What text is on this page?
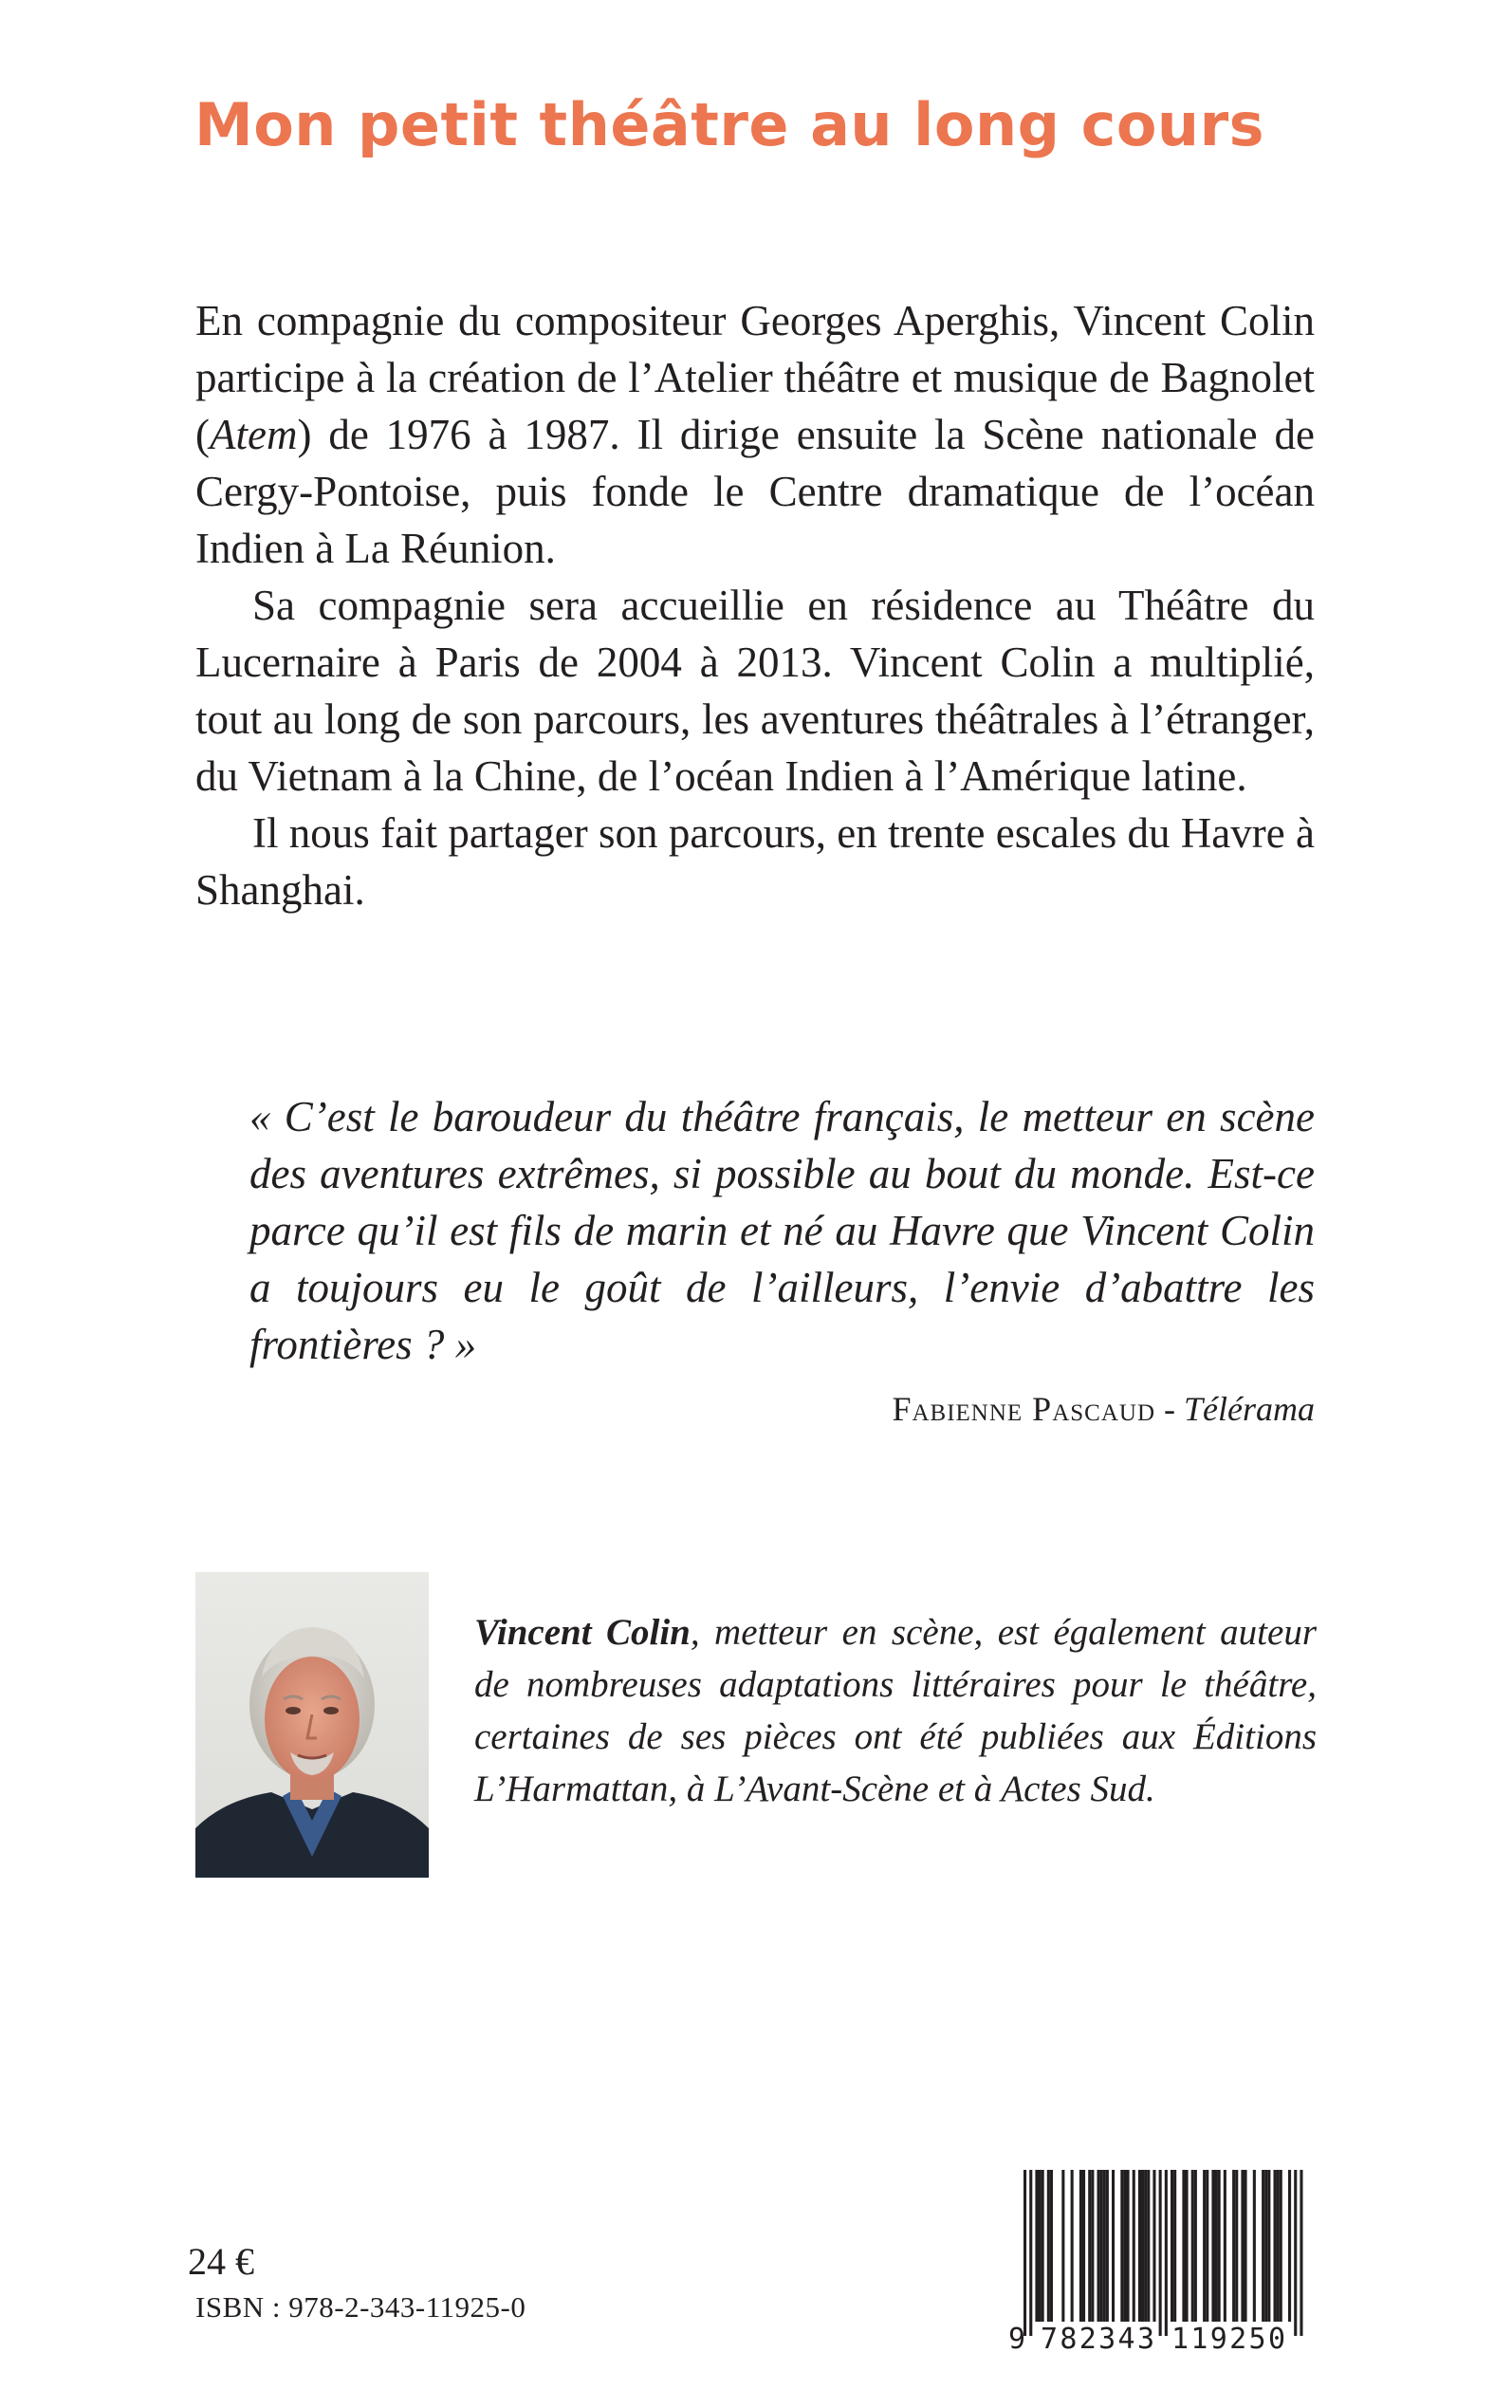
Mon petit théâtre au long cours

En compagnie du compositeur Georges Aperghis, Vincent Colin participe à la création de l’Atelier théâtre et musique de Bagnolet (Atem) de 1976 à 1987. Il dirige ensuite la Scène nationale de Cergy-Pontoise, puis fonde le Centre dramatique de l’océan Indien à La Réunion.

Sa compagnie sera accueillie en résidence au Théâtre du Lucernaire à Paris de 2004 à 2013. Vincent Colin a multiplié, tout au long de son parcours, les aventures théâtrales à l’étranger, du Vietnam à la Chine, de l’océan Indien à l’Amérique latine.

Il nous fait partager son parcours, en trente escales du Havre à Shanghai.

« C’est le baroudeur du théâtre français, le metteur en scène des aventures extrêmes, si possible au bout du monde. Est-ce parce qu’il est fils de marin et né au Havre que Vincent Colin a toujours eu le goût de l’ailleurs, l’envie d’abattre les frontières ? »

Fabienne Pascaud - Télérama
Vincent Colin, metteur en scène, est également auteur de nombreuses adaptations littéraires pour le théâtre, certaines de ses pièces ont été publiées aux Éditions L’Harmattan, à L’Avant-Scène et à Actes Sud.
24 €
ISBN : 978-2-343-11925-0
9 782343 119250
